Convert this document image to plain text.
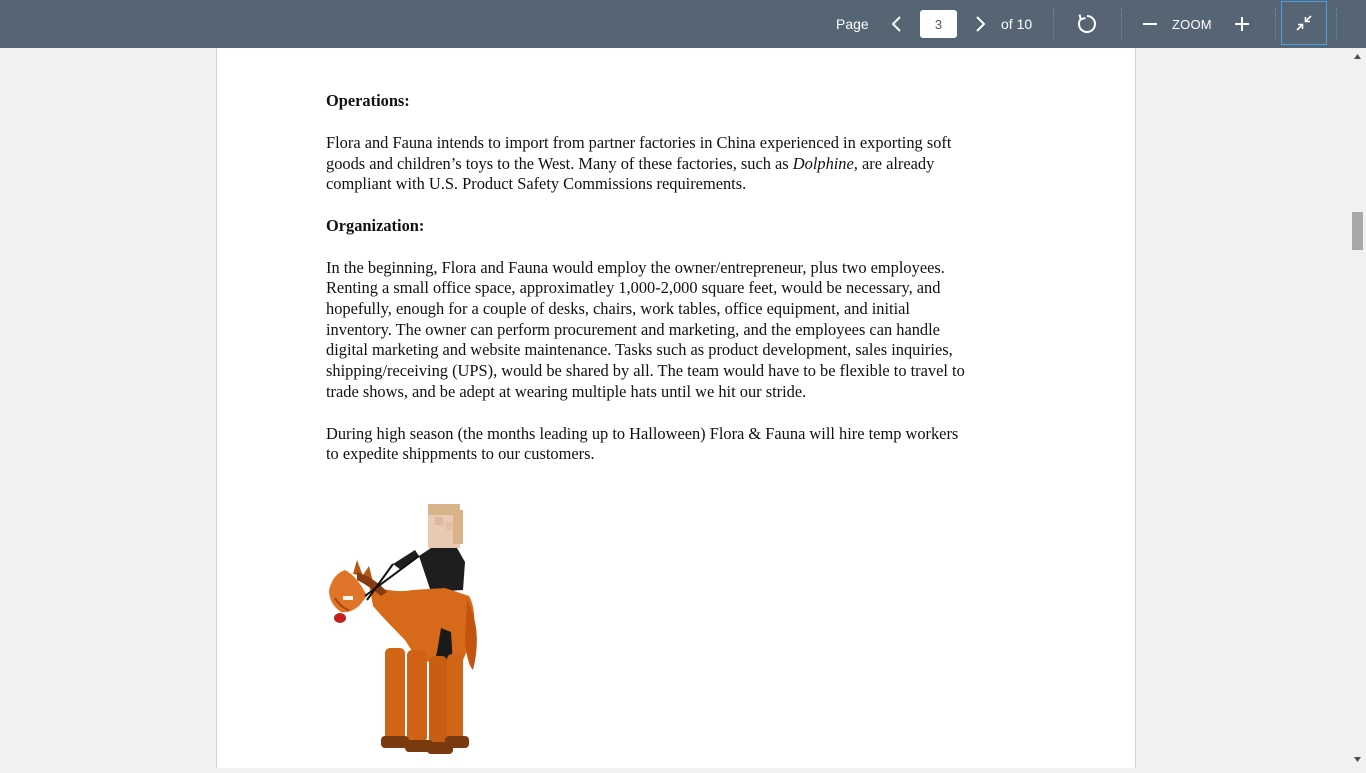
Page
3	of 10	ZOOM
Operations:
Flora and Fauna intends to import from partner factories in China experienced in exporting soft
goods and children’s toys to the West. Many of these factories, such as Dolphine, are already
compliant with U.S. Product Safety Commissions requirements.
Organization:
In the beginning, Flora and Fauna would employ the owner/entrepreneur, plus two employees.
Renting a small office space, approximatley 1,000-2,000 square feet, would be necessary, and
hopefully, enough for a couple of desks, chairs, work tables, office equipment, and initial
inventory. The owner can perform procurement and marketing, and the employees can handle
digital marketing and website maintenance. Tasks such as product development, sales inquiries,
shipping/receiving (UPS), would be shared by all. The team would have to be flexible to travel to
trade shows, and be adept at wearing multiple hats until we hit our stride.
During high season (the months leading up to Halloween) Flora & Fauna will hire temp workers
to expedite shippments to our customers.
